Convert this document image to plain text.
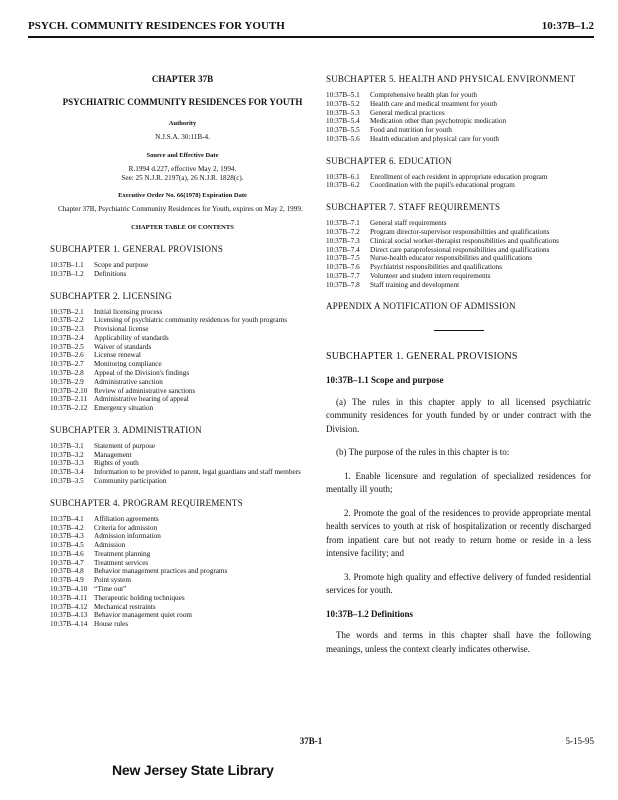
PSYCH. COMMUNITY RESIDENCES FOR YOUTH	10:37B–1.2
CHAPTER 37B
PSYCHIATRIC COMMUNITY RESIDENCES FOR YOUTH
Authority
N.J.S.A. 30:11B-4.
Source and Effective Date
R.1994 d.227, effective May 2, 1994.
See: 25 N.J.R. 2197(a), 26 N.J.R. 1828(c).
Executive Order No. 66(1978) Expiration Date
Chapter 37B, Psychiatric Community Residences for Youth, expires on May 2, 1999.
CHAPTER TABLE OF CONTENTS
SUBCHAPTER 1. GENERAL PROVISIONS
10:37B–1.1	Scope and purpose
10:37B–1.2	Definitions
SUBCHAPTER 2. LICENSING
10:37B–2.1	Initial licensing process
10:37B–2.2	Licensing of psychiatric community residences for youth programs
10:37B–2.3	Provisional license
10:37B–2.4	Applicability of standards
10:37B–2.5	Waiver of standards
10:37B–2.6	License renewal
10:37B–2.7	Monitoring compliance
10:37B–2.8	Appeal of the Division's findings
10:37B–2.9	Administrative sanction
10:37B–2.10 Review of administrative sanctions
10:37B–2.11 Administrative hearing of appeal
10:37B–2.12 Emergency situation
SUBCHAPTER 3. ADMINISTRATION
10:37B–3.1	Statement of purpose
10:37B–3.2	Management
10:37B–3.3	Rights of youth
10:37B–3.4	Information to be provided to parent, legal guardians and staff members
10:37B–3.5	Community participation
SUBCHAPTER 4. PROGRAM REQUIREMENTS
10:37B–4.1	Affiliation agreements
10:37B–4.2	Criteria for admission
10:37B–4.3	Admission information
10:37B–4.5	Admission
10:37B–4.6	Treatment planning
10:37B–4.7	Treatment services
10:37B–4.8	Behavior management practices and programs
10:37B–4.9	Point system
10:37B–4.10 “Time out”
10:37B–4.11 Therapeutic holding techniques
10:37B–4.12 Mechanical restraints
10:37B–4.13 Behavior management quiet room
10:37B–4.14 House rules
SUBCHAPTER 5. HEALTH AND PHYSICAL ENVIRONMENT
10:37B–5.1	Comprehensive health plan for youth
10:37B–5.2	Health care and medical treatment for youth
10:37B–5.3	General medical practices
10:37B–5.4	Medication other than psychotropic medication
10:37B–5.5	Food and nutrition for youth
10:37B–5.6	Health education and physical care for youth
SUBCHAPTER 6. EDUCATION
10:37B–6.1	Enrollment of each resident in appropriate education program
10:37B–6.2	Coordination with the pupil's educational program
SUBCHAPTER 7. STAFF REQUIREMENTS
10:37B–7.1	General staff requirements
10:37B–7.2	Program director-supervisor responsibilities and qualifications
10:37B–7.3	Clinical social worker-therapist responsibilities and qualifications
10:37B–7.4	Direct care paraprofessional responsibilities and qualifications
10:37B–7.5	Nurse-health educator responsibilities and qualifications
10:37B–7.6	Psychiatrist responsibilities and qualifications
10:37B–7.7	Volunteer and student intern requirements
10:37B–7.8	Staff training and development
APPENDIX A NOTIFICATION OF ADMISSION
SUBCHAPTER 1. GENERAL PROVISIONS
10:37B–1.1 Scope and purpose

(a) The rules in this chapter apply to all licensed psychiatric community residences for youth funded by or under contract with the Division.

(b) The purpose of the rules in this chapter is to:

1. Enable licensure and regulation of specialized residences for mentally ill youth;

2. Promote the goal of the residences to provide appropriate mental health services to youth at risk of hospitalization or recently discharged from inpatient care but not ready to return home or reside in a less intensive facility; and

3. Promote high quality and effective delivery of funded residential services for youth.

10:37B–1.2 Definitions

The words and terms in this chapter shall have the following meanings, unless the context clearly indicates otherwise.

37B-1	5-15-95
New Jersey State Library
